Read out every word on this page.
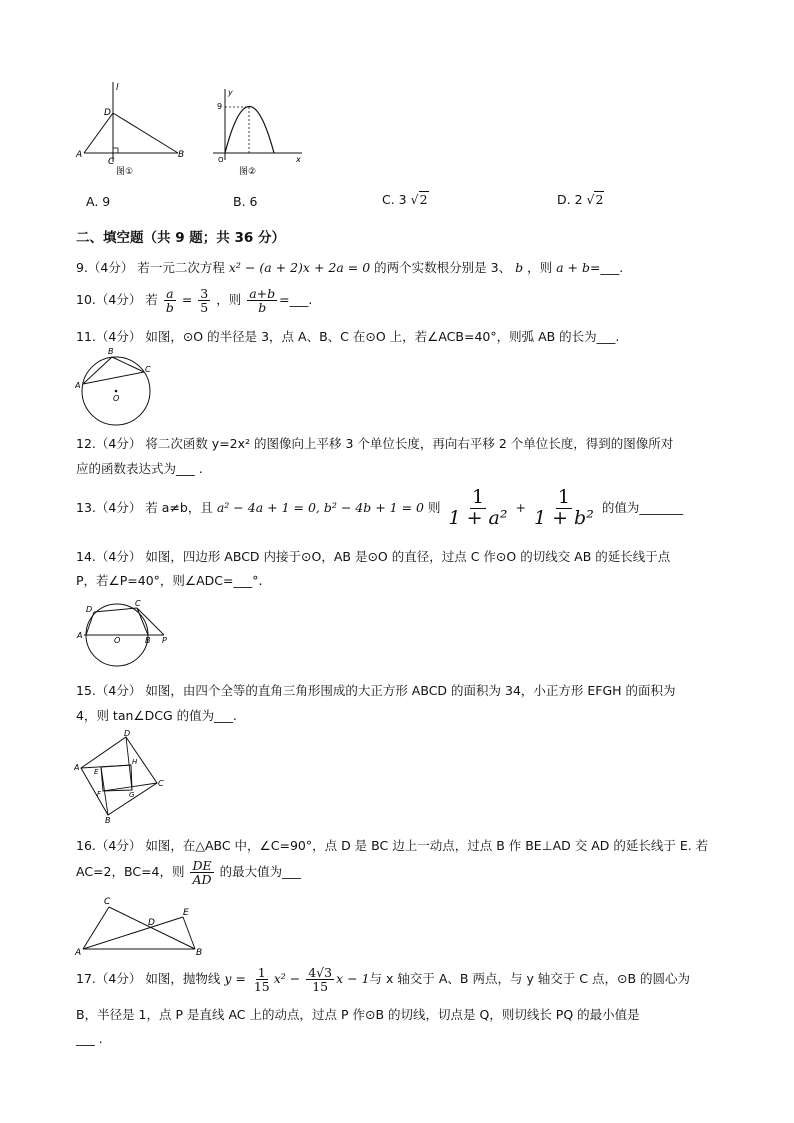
l
D
A
C
B
图①
y
9
O	x
图②
A. 9	B. 6	C. 3 √2	D. 2 √2
二、填空题（共 9 题；共 36 分）
9.（4分） 若一元二次方程 x² − (a + 2)x + 2a = 0 的两个实数根分别是 3、 b ，则 a + b=___.
10.（4分） 若 $\frac{a}{b} = \frac{3}{5}$ ，则 $\frac{a+b}{b}$ =___.
11.（4分） 如图，⊙O 的半径是 3，点 A、B、C 在⊙O 上，若∠ACB=40°，则弧 AB 的长为___.
A
B
C
O
12.（4分） 将二次函数 y=2x² 的图像向上平移 3 个单位长度，再向右平移 2 个单位长度，得到的图像所对
应的函数表达式为___ .
13.（4分） 若 a≠b，且 a² − 4a + 1 = 0, b² − 4b + 1 = 0 则 $\frac{1}{\text{1 + a²}} + \frac{1}{\text{1 + b²}}$ 的值为_______
14.（4分） 如图，四边形 ABCD 内接于⊙O，AB 是⊙O 的直径，过点 C 作⊙O 的切线交 AB 的延长线于点
P，若∠P=40°，则∠ADC=___°.
A
D
C
O	B P
15.（4分） 如图，由四个全等的直角三角形围成的大正方形 ABCD 的面积为 34，小正方形 EFGH 的面积为
4，则 tan∠DCG 的值为___.
D
A
C
B
E
H
F	G
16.（4分） 如图，在△ABC 中，∠C=90°，点 D 是 BC 边上一动点，过点 B 作 BE⊥AD 交 AD 的延长线于 E. 若
AC=2，BC=4，则 $\frac{DE}{AD}$ 的最大值为___
C
D
E
A	B
17.（4分） 如图，抛物线 $y = \frac{1}{15} x^2 - \frac{4√3}{15}$ x − 1与 x 轴交于 A、B 两点，与 y 轴交于 C 点，⊙B 的圆心为
B，半径是 1，点 P 是直线 AC 上的动点，过点 P 作⊙B 的切线，切点是 Q，则切线长 PQ 的最小值是
___ .
